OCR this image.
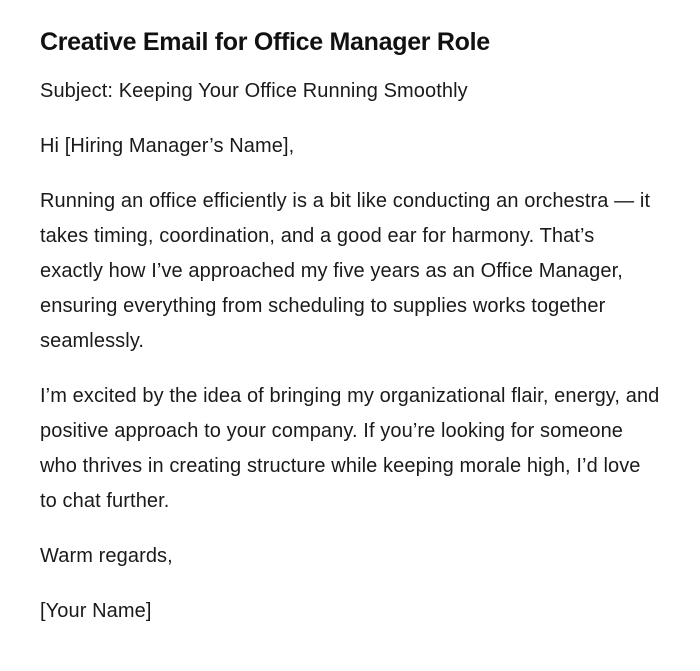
Creative Email for Office Manager Role

Subject: Keeping Your Office Running Smoothly

Hi [Hiring Manager’s Name],

Running an office efficiently is a bit like conducting an orchestra — it takes timing, coordination, and a good ear for harmony. That’s exactly how I’ve approached my five years as an Office Manager, ensuring everything from scheduling to supplies works together seamlessly.

I’m excited by the idea of bringing my organizational flair, energy, and positive approach to your company. If you’re looking for someone who thrives in creating structure while keeping morale high, I’d love to chat further.

Warm regards,

[Your Name]
